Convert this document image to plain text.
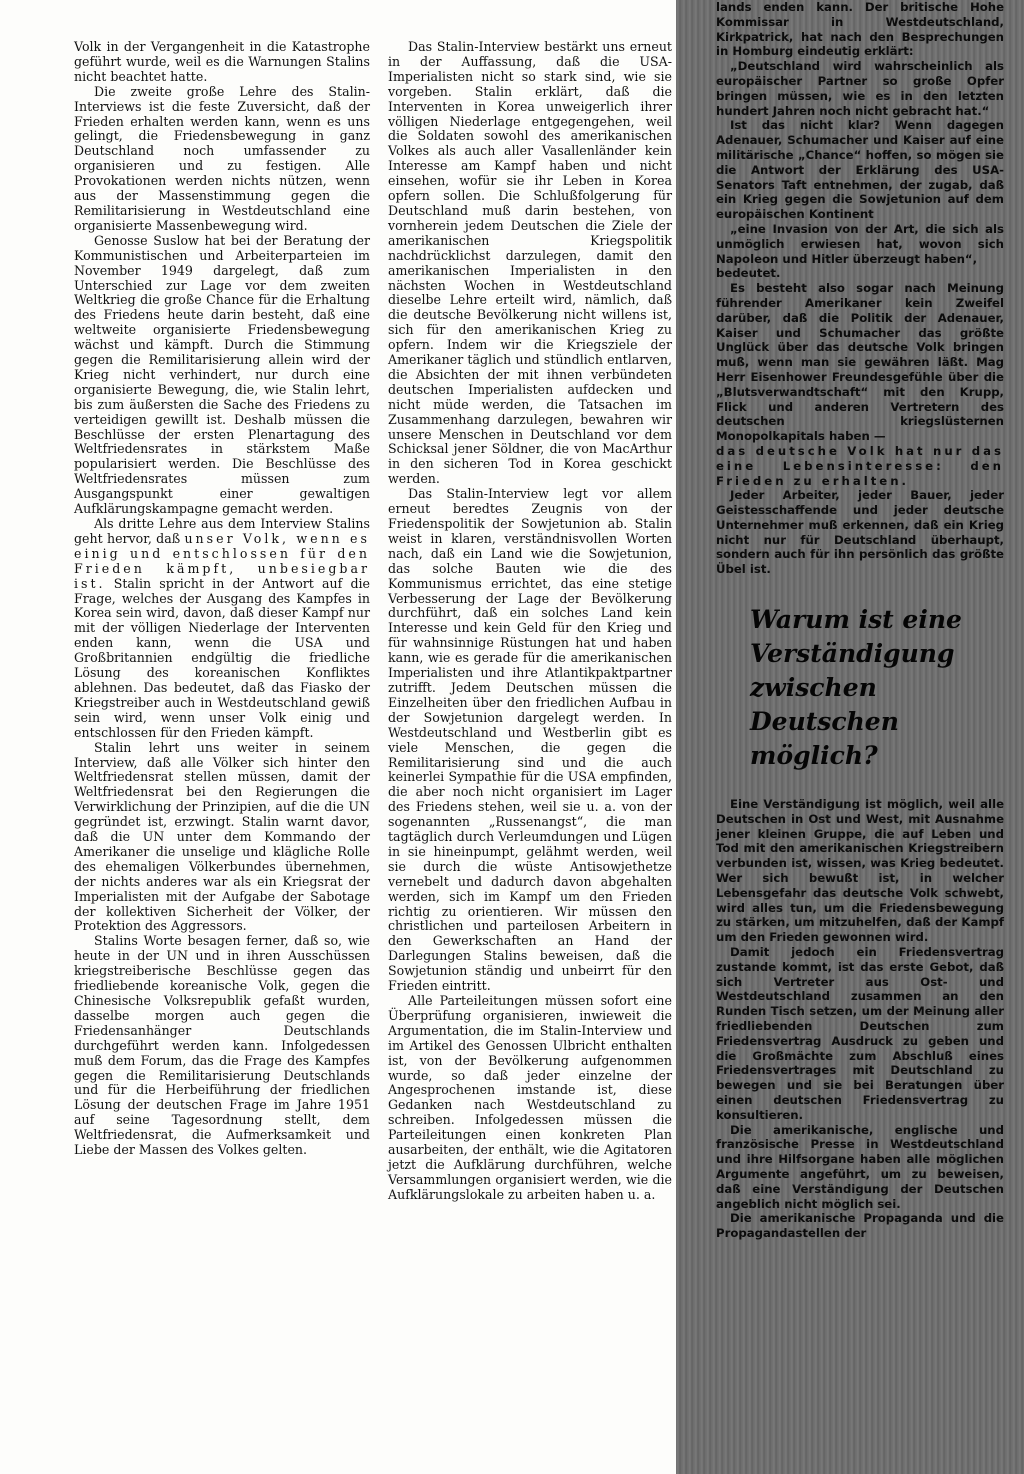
Volk in der Vergangenheit in die Katastrophe geführt wurde, weil es die Warnungen Stalins nicht beachtet hatte.

Die zweite große Lehre des Stalin-Interviews ist die feste Zuversicht, daß der Frieden erhalten werden kann, wenn es uns gelingt, die Friedensbewegung in ganz Deutschland noch umfassender zu organisieren und zu festigen. Alle Provokationen werden nichts nützen, wenn aus der Massenstimmung gegen die Remilitarisierung in Westdeutschland eine organisierte Massenbewegung wird.

Genosse Suslow hat bei der Beratung der Kommunistischen und Arbeiterparteien im November 1949 dargelegt, daß zum Unterschied zur Lage vor dem zweiten Weltkrieg die große Chance für die Erhaltung des Friedens heute darin besteht, daß eine weltweite organisierte Friedensbewegung wächst und kämpft. Durch die Stimmung gegen die Remilitarisierung allein wird der Krieg nicht verhindert, nur durch eine organisierte Bewegung, die, wie Stalin lehrt, bis zum äußersten die Sache des Friedens zu verteidigen gewillt ist. Deshalb müssen die Beschlüsse der ersten Plenartagung des Weltfriedensrates in stärkstem Maße popularisiert werden. Die Beschlüsse des Weltfriedensrates müssen zum Ausgangspunkt einer gewaltigen Aufklärungskampagne gemacht werden.

Als dritte Lehre aus dem Interview Stalins geht hervor, daß unser Volk, wenn es einig und entschlossen für den Frieden kämpft, unbesiegbar ist. Stalin spricht in der Antwort auf die Frage, welches der Ausgang des Kampfes in Korea sein wird, davon, daß dieser Kampf nur mit der völligen Niederlage der Interventen enden kann, wenn die USA und Großbritannien endgültig die friedliche Lösung des koreanischen Konfliktes ablehnen. Das bedeutet, daß das Fiasko der Kriegstreiber auch in Westdeutschland gewiß sein wird, wenn unser Volk einig und entschlossen für den Frieden kämpft.

Stalin lehrt uns weiter in seinem Interview, daß alle Völker sich hinter den Weltfriedensrat stellen müssen, damit der Weltfriedensrat bei den Regierungen die Verwirklichung der Prinzipien, auf die die UN gegründet ist, erzwingt. Stalin warnt davor, daß die UN unter dem Kommando der Amerikaner die unselige und klägliche Rolle des ehemaligen Völkerbundes übernehmen, der nichts anderes war als ein Kriegsrat der Imperialisten mit der Aufgabe der Sabotage der kollektiven Sicherheit der Völker, der Protektion des Aggressors.

Stalins Worte besagen ferner, daß so, wie heute in der UN und in ihren Ausschüssen kriegstreiberische Beschlüsse gegen das friedliebende koreanische Volk, gegen die Chinesische Volksrepublik gefaßt wurden, dasselbe morgen auch gegen die Friedensanhänger Deutschlands durchgeführt werden kann. Infolgedessen muß dem Forum, das die Frage des Kampfes gegen die Remilitarisierung Deutschlands und für die Herbeiführung der friedlichen Lösung der deutschen Frage im Jahre 1951 auf seine Tagesordnung stellt, dem Weltfriedensrat, die Aufmerksamkeit und Liebe der Massen des Volkes gelten.

Das Stalin-Interview bestärkt uns erneut in der Auffassung, daß die USA-Imperialisten nicht so stark sind, wie sie vorgeben. Stalin erklärt, daß die Interventen in Korea unweigerlich ihrer völligen Niederlage entgegengehen, weil die Soldaten sowohl des amerikanischen Volkes als auch aller Vasallenländer kein Interesse am Kampf haben und nicht einsehen, wofür sie ihr Leben in Korea opfern sollen. Die Schlußfolgerung für Deutschland muß darin bestehen, von vornherein jedem Deutschen die Ziele der amerikanischen Kriegspolitik nachdrücklichst darzulegen, damit den amerikanischen Imperialisten in den nächsten Wochen in Westdeutschland dieselbe Lehre erteilt wird, nämlich, daß die deutsche Bevölkerung nicht willens ist, sich für den amerikanischen Krieg zu opfern. Indem wir die Kriegsziele der Amerikaner täglich und stündlich entlarven, die Absichten der mit ihnen verbündeten deutschen Imperialisten aufdecken und nicht müde werden, die Tatsachen im Zusammenhang darzulegen, bewahren wir unsere Menschen in Deutschland vor dem Schicksal jener Söldner, die von MacArthur in den sicheren Tod in Korea geschickt werden.

Das Stalin-Interview legt vor allem erneut beredtes Zeugnis von der Friedenspolitik der Sowjetunion ab. Stalin weist in klaren, verständnisvollen Worten nach, daß ein Land wie die Sowjetunion, das solche Bauten wie die des Kommunismus errichtet, das eine stetige Verbesserung der Lage der Bevölkerung durchführt, daß ein solches Land kein Interesse und kein Geld für den Krieg und für wahnsinnige Rüstungen hat und haben kann, wie es gerade für die amerikanischen Imperialisten und ihre Atlantikpaktpartner zutrifft. Jedem Deutschen müssen die Einzelheiten über den friedlichen Aufbau in der Sowjetunion dargelegt werden. In Westdeutschland und Westberlin gibt es viele Menschen, die gegen die Remilitarisierung sind und die auch keinerlei Sympathie für die USA empfinden, die aber noch nicht organisiert im Lager des Friedens stehen, weil sie u. a. von der sogenannten „Russenangst“, die man tagtäglich durch Verleumdungen und Lügen in sie hineinpumpt, gelähmt werden, weil sie durch die wüste Antisowjethetze vernebelt und dadurch davon abgehalten werden, sich im Kampf um den Frieden richtig zu orientieren. Wir müssen den christlichen und parteilosen Arbeitern in den Gewerkschaften an Hand der Darlegungen Stalins beweisen, daß die Sowjetunion ständig und unbeirrt für den Frieden eintritt.

Alle Parteileitungen müssen sofort eine Überprüfung organisieren, inwieweit die Argumentation, die im Stalin-Interview und im Artikel des Genossen Ulbricht enthalten ist, von der Bevölkerung aufgenommen wurde, so daß jeder einzelne der Angesprochenen imstande ist, diese Gedanken nach Westdeutschland zu schreiben. Infolgedessen müssen die Parteileitungen einen konkreten Plan ausarbeiten, der enthält, wie die Agitatoren jetzt die Aufklärung durchführen, welche Versammlungen organisiert werden, wie die Aufklärungslokale zu arbeiten haben u. a.

lands enden kann. Der britische Hohe Kommissar in Westdeutschland, Kirkpatrick, hat nach den Besprechungen in Homburg eindeutig erklärt:

„Deutschland wird wahrscheinlich als europäischer Partner so große Opfer bringen müssen, wie es in den letzten hundert Jahren noch nicht gebracht hat.“

Ist das nicht klar? Wenn dagegen Adenauer, Schumacher und Kaiser auf eine militärische „Chance“ hoffen, so mögen sie die Antwort der Erklärung des USA-Senators Taft entnehmen, der zugab, daß ein Krieg gegen die Sowjetunion auf dem europäischen Kontinent

„eine Invasion von der Art, die sich als unmöglich erwiesen hat, wovon sich Napoleon und Hitler überzeugt haben“,

bedeutet.

Es besteht also sogar nach Meinung führender Amerikaner kein Zweifel darüber, daß die Politik der Adenauer, Kaiser und Schumacher das größte Unglück über das deutsche Volk bringen muß, wenn man sie gewähren läßt. Mag Herr Eisenhower Freundesgefühle über die „Blutsverwandtschaft“ mit den Krupp, Flick und anderen Vertretern des deutschen kriegslüsternen Monopolkapitals haben —

das deutsche Volk hat nur das eine Lebensinteresse: den Frieden zu erhalten.

Jeder Arbeiter, jeder Bauer, jeder Geistesschaffende und jeder deutsche Unternehmer muß erkennen, daß ein Krieg nicht nur für Deutschland überhaupt, sondern auch für ihn persönlich das größte Übel ist.

Warum ist eine Verständigung zwischen Deutschen möglich?

Eine Verständigung ist möglich, weil alle Deutschen in Ost und West, mit Ausnahme jener kleinen Gruppe, die auf Leben und Tod mit den amerikanischen Kriegstreibern verbunden ist, wissen, was Krieg bedeutet. Wer sich bewußt ist, in welcher Lebensgefahr das deutsche Volk schwebt, wird alles tun, um die Friedensbewegung zu stärken, um mitzuhelfen, daß der Kampf um den Frieden gewonnen wird.

Damit jedoch ein Friedensvertrag zustande kommt, ist das erste Gebot, daß sich Vertreter aus Ost- und Westdeutschland zusammen an den Runden Tisch setzen, um der Meinung aller friedliebenden Deutschen zum Friedensvertrag Ausdruck zu geben und die Großmächte zum Abschluß eines Friedensvertrages mit Deutschland zu bewegen und sie bei Beratungen über einen deutschen Friedensvertrag zu konsultieren.

Die amerikanische, englische und französische Presse in Westdeutschland und ihre Hilfsorgane haben alle möglichen Argumente angeführt, um zu beweisen, daß eine Verständigung der Deutschen angeblich nicht möglich sei.

Die amerikanische Propaganda und die Propagandastellen der
